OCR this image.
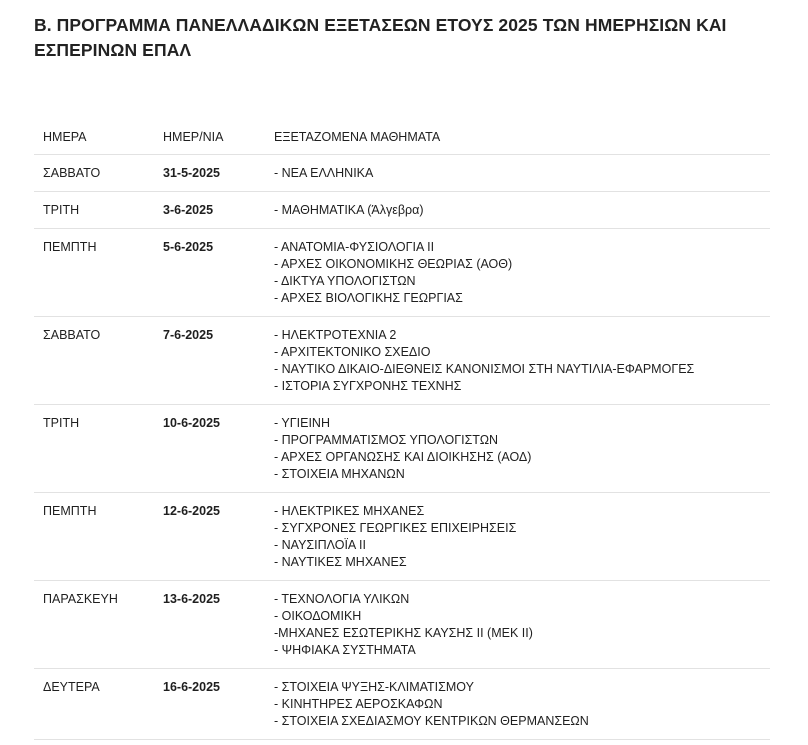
Β. ΠΡΟΓΡΑΜΜΑ ΠΑΝΕΛΛΑΔΙΚΩΝ ΕΞΕΤΑΣΕΩΝ ΕΤΟΥΣ 2025 ΤΩΝ ΗΜΕΡΗΣΙΩΝ ΚΑΙ
ΕΣΠΕΡΙΝΩΝ ΕΠΑΛ
ΗΜΕΡΑ	ΗΜΕΡ/ΝΙΑ	ΕΞΕΤΑΖΟΜΕΝΑ ΜΑΘΗΜΑΤΑ
ΣΑΒΒΑΤΟ	31-5-2025	- ΝΕΑ ΕΛΛΗΝΙΚΑ
ΤΡΙΤΗ	3-6-2025	- ΜΑΘΗΜΑΤΙΚΑ (Άλγεβρα)
ΠΕΜΠΤΗ	5-6-2025	- ΑΝΑΤΟΜΙΑ-ΦΥΣΙΟΛΟΓΙΑ ΙΙ
- ΑΡΧΕΣ ΟΙΚΟΝΟΜΙΚΗΣ ΘΕΩΡΙΑΣ (ΑΟΘ)
- ΔΙΚΤΥΑ ΥΠΟΛΟΓΙΣΤΩΝ
- ΑΡΧΕΣ ΒΙΟΛΟΓΙΚΗΣ ΓΕΩΡΓΙΑΣ
ΣΑΒΒΑΤΟ	7-6-2025	- ΗΛΕΚΤΡΟΤΕΧΝΙΑ 2
- ΑΡΧΙΤΕΚΤΟΝΙΚΟ ΣΧΕΔΙΟ
- ΝΑΥΤΙΚΟ ΔΙΚΑΙΟ-ΔΙΕΘΝΕΙΣ ΚΑΝΟΝΙΣΜΟΙ ΣΤΗ ΝΑΥΤΙΛΙΑ-ΕΦΑΡΜΟΓΕΣ
- ΙΣΤΟΡΙΑ ΣΥΓΧΡΟΝΗΣ ΤΕΧΝΗΣ
ΤΡΙΤΗ	10-6-2025	- ΥΓΙΕΙΝΗ
- ΠΡΟΓΡΑΜΜΑΤΙΣΜΟΣ ΥΠΟΛΟΓΙΣΤΩΝ
- ΑΡΧΕΣ ΟΡΓΑΝΩΣΗΣ ΚΑΙ ΔΙΟΙΚΗΣΗΣ (ΑΟΔ)
- ΣΤΟΙΧΕΙΑ ΜΗΧΑΝΩΝ
ΠΕΜΠΤΗ	12-6-2025	- ΗΛΕΚΤΡΙΚΕΣ ΜΗΧΑΝΕΣ
- ΣΥΓΧΡΟΝΕΣ ΓΕΩΡΓΙΚΕΣ ΕΠΙΧΕΙΡΗΣΕΙΣ
- ΝΑΥΣΙΠΛΟΪΑ ΙΙ
- ΝΑΥΤΙΚΕΣ ΜΗΧΑΝΕΣ
ΠΑΡΑΣΚΕΥΗ	13-6-2025	- ΤΕΧΝΟΛΟΓΙΑ ΥΛΙΚΩΝ
- ΟΙΚΟΔΟΜΙΚΗ
-ΜΗΧΑΝΕΣ ΕΣΩΤΕΡΙΚΗΣ ΚΑΥΣΗΣ ΙΙ (ΜΕΚ ΙΙ)
- ΨΗΦΙΑΚΑ ΣΥΣΤΗΜΑΤΑ
ΔΕΥΤΕΡΑ	16-6-2025	- ΣΤΟΙΧΕΙΑ ΨΥΞΗΣ-ΚΛΙΜΑΤΙΣΜΟΥ
- ΚΙΝΗΤΗΡΕΣ ΑΕΡΟΣΚΑΦΩΝ
- ΣΤΟΙΧΕΙΑ ΣΧΕΔΙΑΣΜΟΥ ΚΕΝΤΡΙΚΩΝ ΘΕΡΜΑΝΣΕΩΝ
